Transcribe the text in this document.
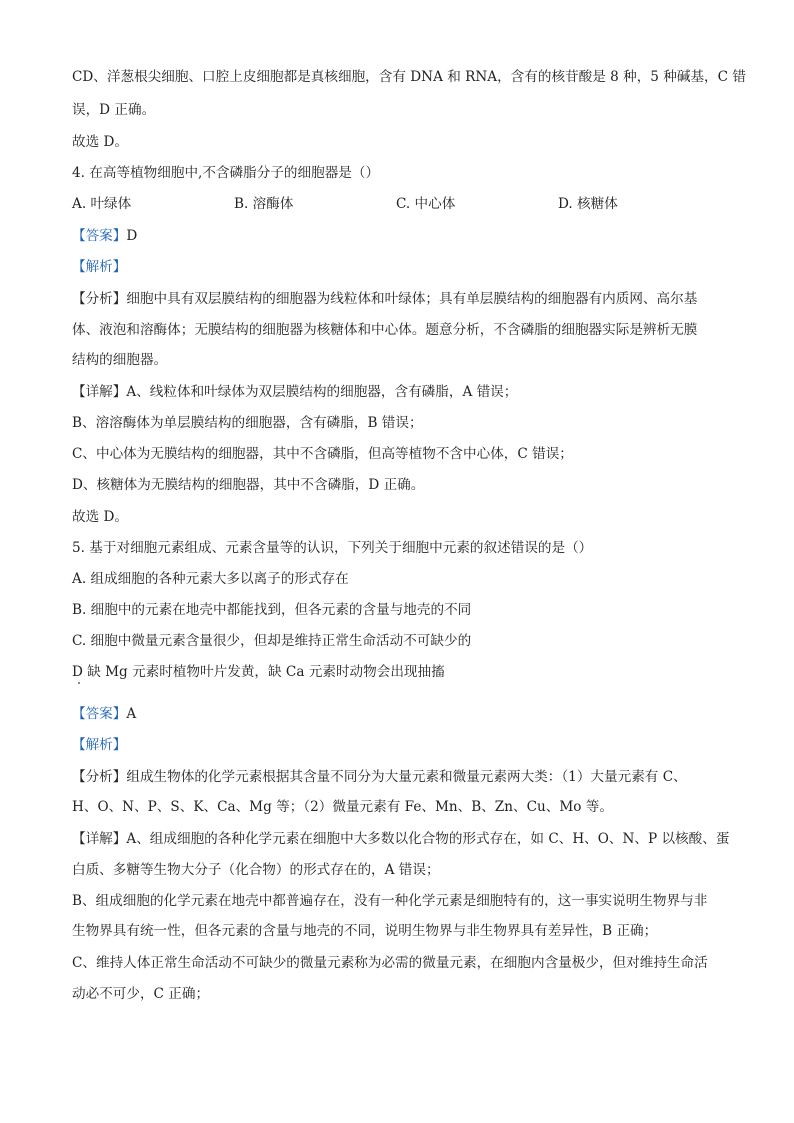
CD、洋葱根尖细胞、口腔上皮细胞都是真核细胞，含有 DNA 和 RNA，含有的核苷酸是 8 种，5 种碱基，C 错
误，D 正确。
故选 D。
4. 在高等植物细胞中,不含磷脂分子的细胞器是（）
A. 叶绿体	B. 溶酶体	C. 中心体	D. 核糖体
【答案】D
【解析】
【分析】细胞中具有双层膜结构的细胞器为线粒体和叶绿体；具有单层膜结构的细胞器有内质网、高尔基
体、液泡和溶酶体；无膜结构的细胞器为核糖体和中心体。题意分析，不含磷脂的细胞器实际是辨析无膜
结构的细胞器。
【详解】A、线粒体和叶绿体为双层膜结构的细胞器，含有磷脂，A 错误；
B、溶溶酶体为单层膜结构的细胞器，含有磷脂，B 错误；
C、中心体为无膜结构的细胞器，其中不含磷脂，但高等植物不含中心体，C 错误；
D、核糖体为无膜结构的细胞器，其中不含磷脂，D 正确。
故选 D。
5. 基于对细胞元素组成、元素含量等的认识，下列关于细胞中元素的叙述错误的是（）
A. 组成细胞的各种元素大多以离子的形式存在
B. 细胞中的元素在地壳中都能找到，但各元素的含量与地壳的不同
C. 细胞中微量元素含量很少，但却是维持正常生命活动不可缺少的
D 缺 Mg 元素时植物叶片发黄，缺 Ca 元素时动物会出现抽搐
【答案】A
【解析】
【分析】组成生物体的化学元素根据其含量不同分为大量元素和微量元素两大类：（1）大量元素有 C、
H、O、N、P、S、K、Ca、Mg 等；（2）微量元素有 Fe、Mn、B、Zn、Cu、Mo 等。
【详解】A、组成细胞的各种化学元素在细胞中大多数以化合物的形式存在，如 C、H、O、N、P 以核酸、蛋
白质、多糖等生物大分子（化合物）的形式存在的，A 错误；
B、组成细胞的化学元素在地壳中都普遍存在，没有一种化学元素是细胞特有的，这一事实说明生物界与非
生物界具有统一性，但各元素的含量与地壳的不同，说明生物界与非生物界具有差异性，B 正确；
C、维持人体正常生命活动不可缺少的微量元素称为必需的微量元素，在细胞内含量极少，但对维持生命活
动必不可少，C 正确；
